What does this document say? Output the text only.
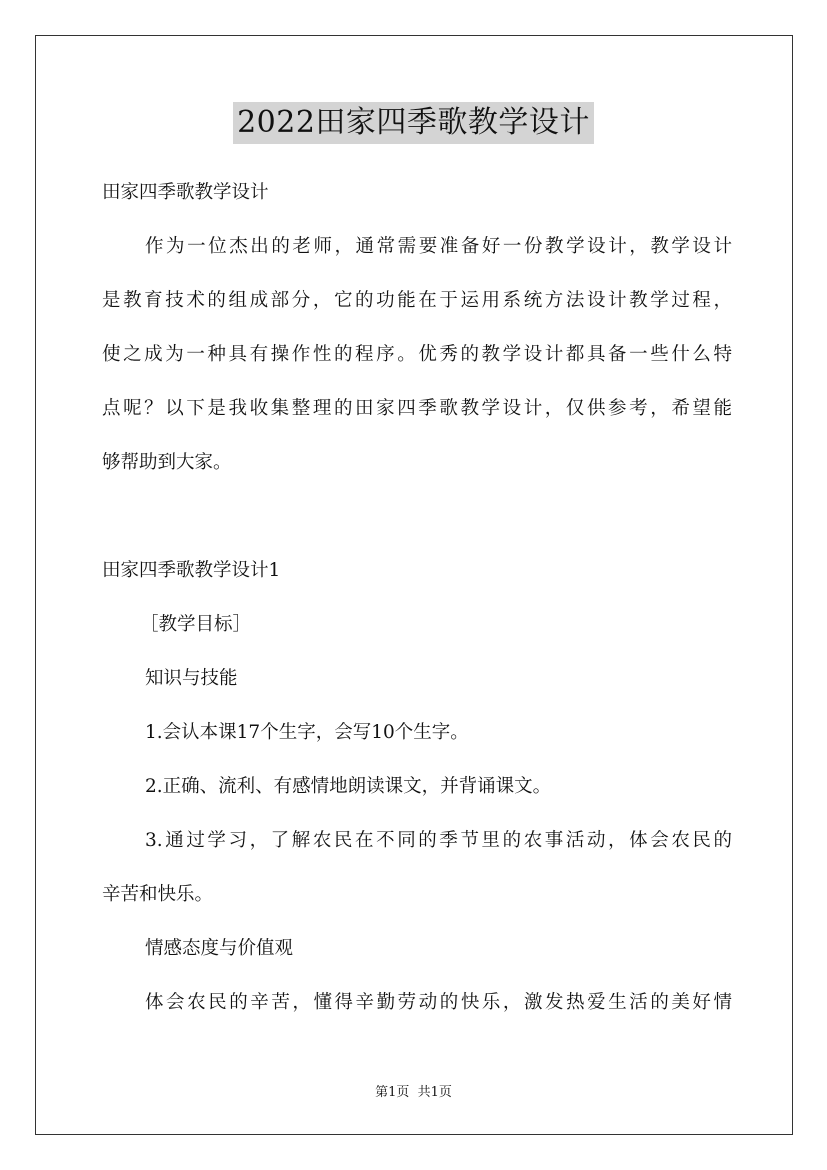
2022田家四季歌教学设计
田家四季歌教学设计
作为一位杰出的老师，通常需要准备好一份教学设计，教学设计
是教育技术的组成部分，它的功能在于运用系统方法设计教学过程，
使之成为一种具有操作性的程序。优秀的教学设计都具备一些什么特
点呢？以下是我收集整理的田家四季歌教学设计，仅供参考，希望能
够帮助到大家。
田家四季歌教学设计1
［教学目标］
知识与技能
1.会认本课17个生字，会写10个生字。
2.正确、流利、有感情地朗读课文，并背诵课文。
3.通过学习，了解农民在不同的季节里的农事活动，体会农民的
辛苦和快乐。
情感态度与价值观
体会农民的辛苦，懂得辛勤劳动的快乐，激发热爱生活的美好情
第1页  共1页
